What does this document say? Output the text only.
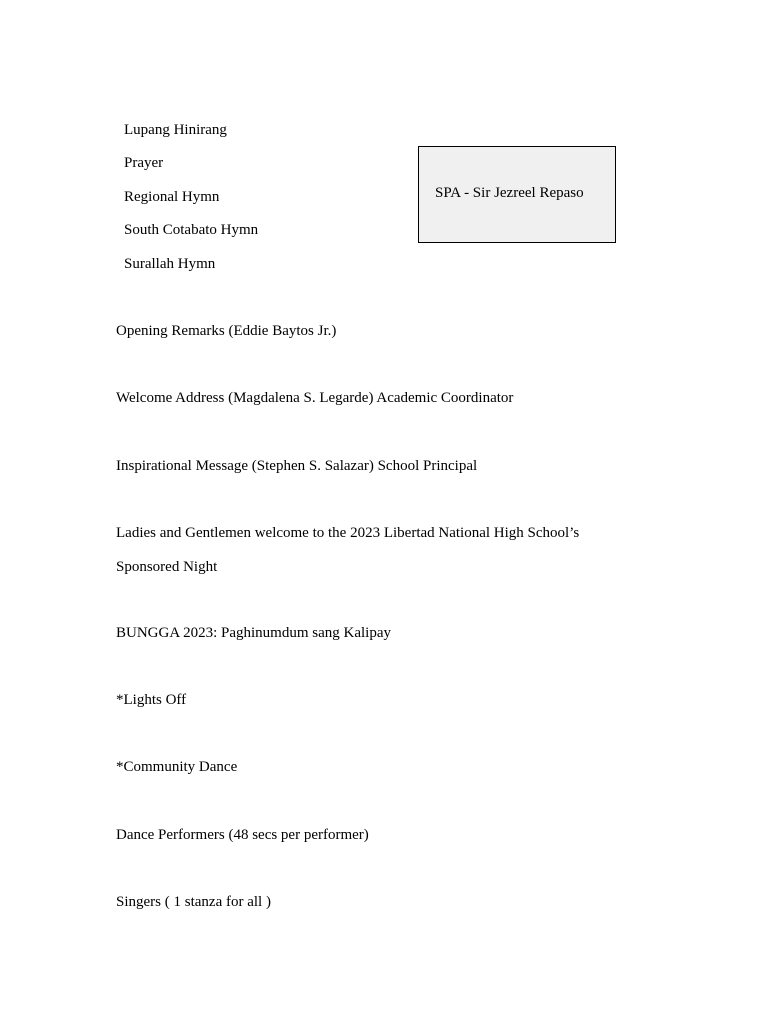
Lupang Hinirang
Prayer
Regional Hymn
South Cotabato Hymn
Surallah Hymn
SPA - Sir Jezreel Repaso
Opening Remarks (Eddie Baytos Jr.)
Welcome Address (Magdalena S. Legarde) Academic Coordinator
Inspirational Message (Stephen S. Salazar) School Principal
Ladies and Gentlemen welcome to the 2023 Libertad National High School’s
Sponsored Night
BUNGGA 2023: Paghinumdum sang Kalipay
*Lights Off
*Community Dance
Dance Performers (48 secs per performer)
Singers ( 1 stanza for all )
